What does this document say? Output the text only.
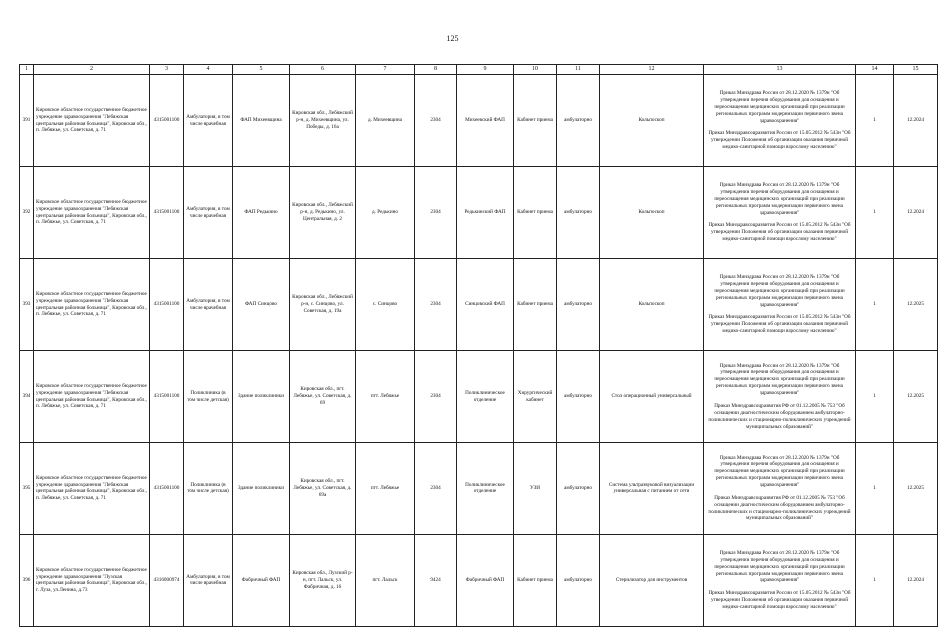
125
1	2	3	4	5	6	7	8	9	10	11	12	13	14	15
391	Кировское областное государственное бюджетное учреждение здравоохранения "Лебяжская центральная районная больница", Кировская обл., п. Лебяжье, ул. Советская, д. 71	4315001100	Амбулатория, в том числе врачебная	ФАП Михеевщина	Кировская обл., Лебяжский р-н, д. Михеевщина, ул. Победы, д. 16а	д. Михеевщина	2304	Михеевский ФАП	Кабинет приема	амбулаторно	Кольпоскоп	Приказ Минздрава России от 28.12.2020 № 1379н "Об утверждении перечня оборудования для оснащения и переоснащения медицинских организаций при реализации региональных программ модернизации первичного звена здравоохранения"

Приказ Минздравсоцразвития России от 15.05.2012 № 543н "Об утверждении Положения об организации оказания первичной медико-санитарной помощи взрослому населению"	1	12.2024
392	Кировское областное государственное бюджетное учреждение здравоохранения "Лебяжская центральная районная больница", Кировская обл., п. Лебяжье, ул. Советская, д. 71	4315001100	Амбулатория, в том числе врачебная	ФАП Редькино	Кировская обл., Лебяжский р-н, д. Редькино, ул. Центральная, д. 2	д. Редькино	2304	Редькинский ФАП	Кабинет приема	амбулаторно	Кольпоскоп	Приказ Минздрава России от 28.12.2020 № 1379н "Об утверждении перечня оборудования для оснащения и переоснащения медицинских организаций при реализации региональных программ модернизации первичного звена здравоохранения"

Приказ Минздравсоцразвития России от 15.05.2012 № 543н "Об утверждении Положения об организации оказания первичной медико-санитарной помощи взрослому населению"	1	12.2024
393	Кировское областное государственное бюджетное учреждение здравоохранения "Лебяжская центральная районная больница", Кировская обл., п. Лебяжье, ул. Советская, д. 71	4315001100	Амбулатория, в том числе врачебная	ФАП Синцово	Кировская обл., Лебяжский р-н, с. Синцово, ул. Советская, д. 19а	с. Синцово	2304	Синцовский ФАП	Кабинет приема	амбулаторно	Кольпоскоп	Приказ Минздрава России от 28.12.2020 № 1379н "Об утверждении перечня оборудования для оснащения и переоснащения медицинских организаций при реализации региональных программ модернизации первичного звена здравоохранения"

Приказ Минздравсоцразвития России от 15.05.2012 № 543н "Об утверждении Положения об организации оказания первичной медико-санитарной помощи взрослому населению"	1	12.2025
394	Кировское областное государственное бюджетное учреждение здравоохранения "Лебяжская центральная районная больница", Кировская обл., п. Лебяжье, ул. Советская, д. 71	4315001100	Поликлиника (в том числе детская)	Здание поликлиники	Кировская обл., пгт. Лебяжье, ул. Советская, д. 69	пгт. Лебяжье	2304	Поликлиническое отделение	Хирургический кабинет	амбулаторно	Стол операционный универсальный	Приказ Минздрава России от 28.12.2020 № 1379н "Об утверждении перечня оборудования для оснащения и переоснащения медицинских организаций при реализации региональных программ модернизации первичного звена здравоохранения"

Приказ Минздравсоцразвития РФ от 01.12.2005 № 753 "Об оснащении диагностическим оборудованием амбулаторно-поликлинических и стационарно-поликлинических учреждений муниципальных образований"	1	12.2025
395	Кировское областное государственное бюджетное учреждение здравоохранения "Лебяжская центральная районная больница", Кировская обл., п. Лебяжье, ул. Советская, д. 71	4315001100	Поликлиника (в том числе детская)	Здание поликлиники	Кировская обл., пгт. Лебяжье, ул. Советская, д. 69а	пгт. Лебяжье	2304	Поликлиническое отделение	УЗИ	амбулаторно	Система ультразвуковой визуализации универсальная с питанием от сети	Приказ Минздрава России от 28.12.2020 № 1379н "Об утверждении перечня оборудования для оснащения и переоснащения медицинских организаций при реализации региональных программ модернизации первичного звена здравоохранения"

Приказ Минздравсоцразвития РФ от 01.12.2005 № 753 "Об оснащении диагностическим оборудованием амбулаторно-поликлинических и стационарно-поликлинических учреждений муниципальных образований"	1	12.2025
396	Кировское областное государственное бюджетное учреждение здравоохранения "Лузская центральная районная больница", Кировская обл., г. Луза, ул.Ленина, д.73	4316000974	Амбулатория, в том числе врачебная	Фабричный ФАП	Кировская обл., Лузский р-н, пгт. Лальск, ул. Фабричная, д. 16	пгт. Лальск	9424	Фабричный ФАП	Кабинет приема	амбулаторно	Стерилизатор для инструментов	Приказ Минздрава России от 28.12.2020 № 1379н "Об утверждении перечня оборудования для оснащения и переоснащения медицинских организаций при реализации региональных программ модернизации первичного звена здравоохранения"

Приказ Минздравсоцразвития России от 15.05.2012 № 543н "Об утверждении Положения об организации оказания первичной медико-санитарной помощи взрослому населению"	1	12.2024
